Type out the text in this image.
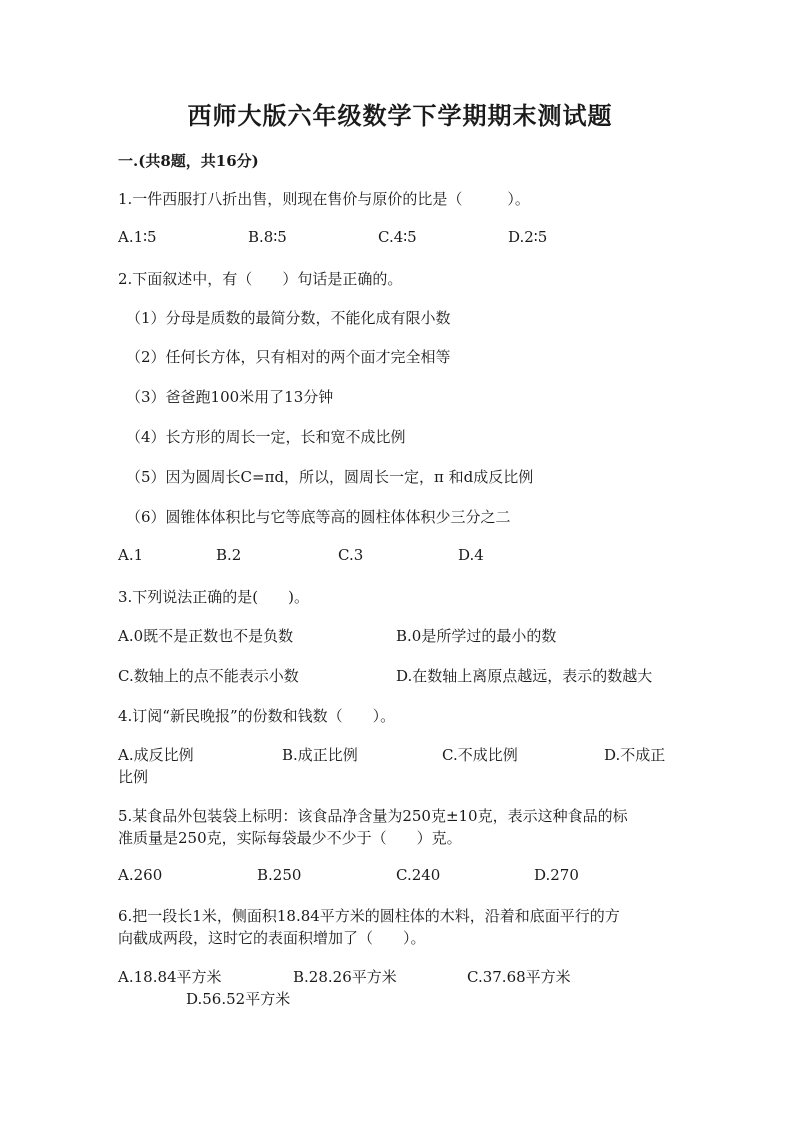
西师大版六年级数学下学期期末测试题
一.(共8题，共16分)
1.一件西服打八折出售，则现在售价与原价的比是（　　　）。
A.1∶5	B.8∶5	C.4∶5	D.2∶5
2.下面叙述中，有（　　）句话是正确的。
（1）分母是质数的最简分数，不能化成有限小数
（2）任何长方体，只有相对的两个面才完全相等
（3）爸爸跑100米用了13分钟
（4）长方形的周长一定，长和宽不成比例
（5）因为圆周长C=πd，所以，圆周长一定，π 和d成反比例
（6）圆锥体体积比与它等底等高的圆柱体体积少三分之二
A.1	B.2	C.3	D.4
3.下列说法正确的是(　　)。
A.0既不是正数也不是负数	B.0是所学过的最小的数
C.数轴上的点不能表示小数	D.在数轴上离原点越远，表示的数越大
4.订阅“新民晚报”的份数和钱数（　　）。
A.成反比例	B.成正比例	C.不成比例	D.不成正
比例
5.某食品外包装袋上标明：该食品净含量为250克±10克，表示这种食品的标
准质量是250克，实际每袋最少不少于（　　）克。
A.260	B.250	C.240	D.270
6.把一段长1米，侧面积18.84平方米的圆柱体的木料，沿着和底面平行的方
向截成两段，这时它的表面积增加了（　　）。
A.18.84平方米	B.28.26平方米	C.37.68平方米
D.56.52平方米
